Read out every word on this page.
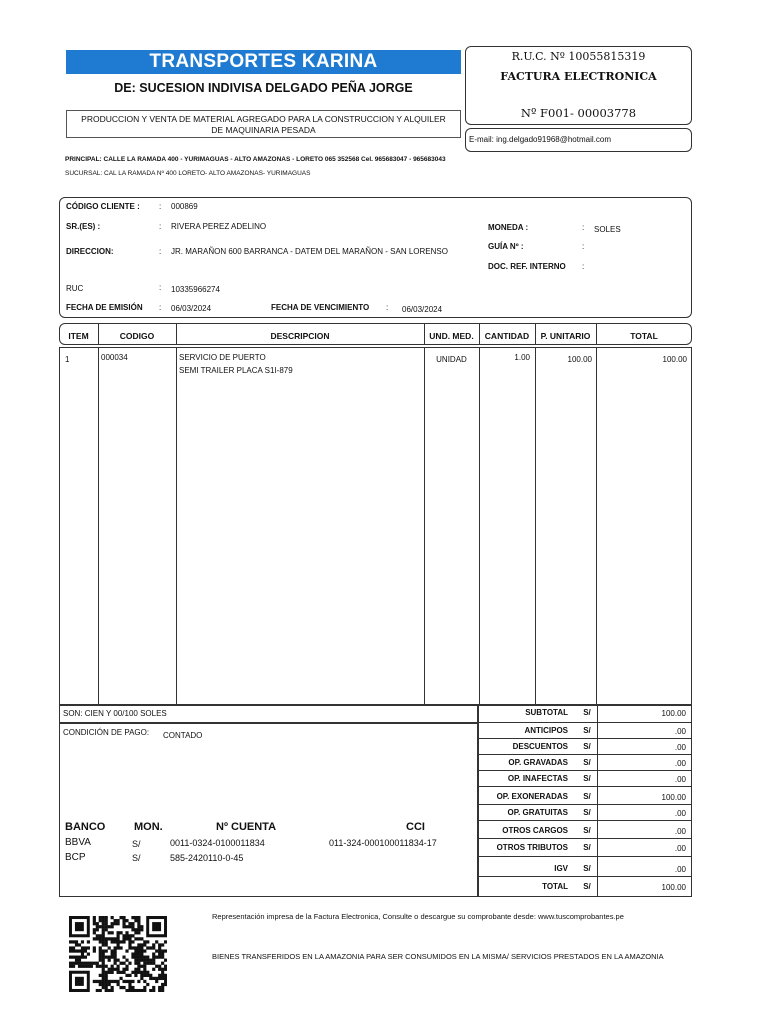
TRANSPORTES KARINA
DE: SUCESION INDIVISA DELGADO PEÑA JORGE
PRODUCCION Y VENTA DE MATERIAL AGREGADO PARA LA CONSTRUCCION Y ALQUILER DE MAQUINARIA PESADA
R.U.C. Nº 10055815319
FACTURA ELECTRONICA
Nº F001- 00003778
E-mail: ing.delgado91968@hotmail.com
PRINCIPAL: CALLE LA RAMADA 400 - YURIMAGUAS - ALTO AMAZONAS - LORETO 065 352568 Cel. 965683047 - 965683043
SUCURSAL: CAL LA RAMADA Nº 400 LORETO- ALTO AMAZONAS- YURIMAGUAS
CÓDIGO CLIENTE : : 000869
SR.(ES) :	: RIVERA PEREZ ADELINO
DIRECCION:	: JR. MARAÑON 600 BARRANCA - DATEM DEL MARAÑON - SAN LORENSO
RUC	: 10335966274
FECHA DE EMISIÓN : 06/03/2024	FECHA DE VENCIMIENTO : 06/03/2024
MONEDA :	: SOLES
GUÍA Nº :	:
DOC. REF. INTERNO :
ITEM	CODIGO	DESCRIPCION	UND. MED.	CANTIDAD	P. UNITARIO	TOTAL
1	000034	SERVICIO DE PUERTO
SEMI TRAILER PLACA S1I-879
UNIDAD	1.00	100.00	100.00
SON: CIEN Y 00/100 SOLES
CONDICIÓN DE PAGO: CONTADO
BANCO	MON.	Nº CUENTA	CCI
BBVA	S/	0011-0324-0100011834	011-324-000100011834-17
BCP	S/	585-2420110-0-45
SUBTOTAL	S/	100.00
ANTICIPOS	S/	.00
DESCUENTOS	S/	.00
OP. GRAVADAS	S/	.00
OP. INAFECTAS	S/	.00
OP. EXONERADAS	S/	100.00
OP. GRATUITAS	S/	.00
OTROS CARGOS	S/	.00
OTROS TRIBUTOS	S/	.00
IGV	S/	.00
TOTAL	S/	100.00
Representación impresa de la Factura Electronica, Consulte o descargue su comprobante desde: www.tuscomprobantes.pe
BIENES TRANSFERIDOS EN LA AMAZONIA PARA SER CONSUMIDOS EN LA MISMA/ SERVICIOS PRESTADOS EN LA AMAZONIA
